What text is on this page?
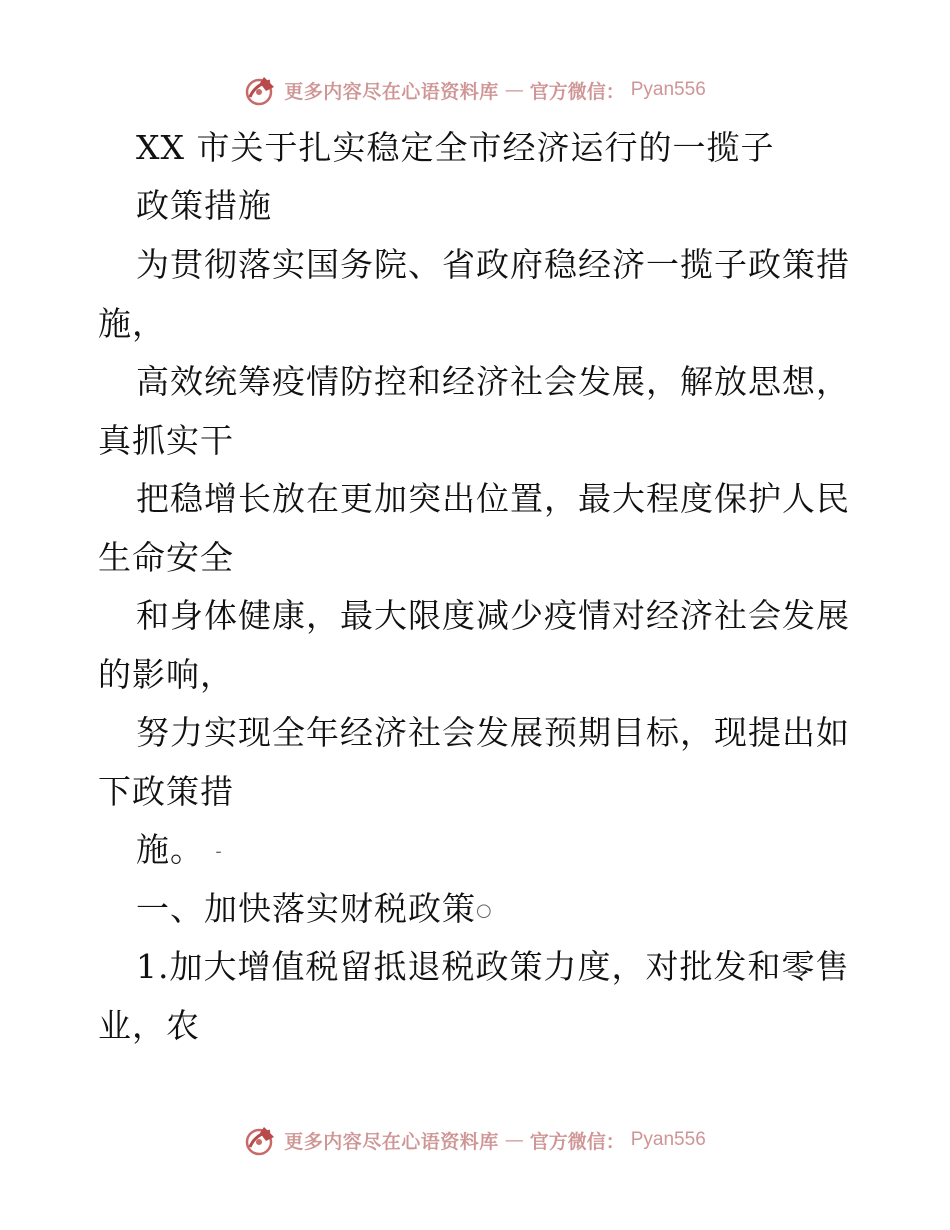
更多内容尽在心语资料库 — 官方微信： Pyan556
XX 市关于扎实稳定全市经济运行的一揽子
政策措施
为贯彻落实国务院、省政府稳经济一揽子政策措
施，
高效统筹疫情防控和经济社会发展，解放思想，
真抓实干
把稳增长放在更加突出位置，最大程度保护人民
生命安全
和身体健康，最大限度减少疫情对经济社会发展
的影响，
努力实现全年经济社会发展预期目标，现提出如
下政策措
施。 -
一、加快落实财税政策○
1.加大增值税留抵退税政策力度，对批发和零售
业，农
更多内容尽在心语资料库 — 官方微信： Pyan556
